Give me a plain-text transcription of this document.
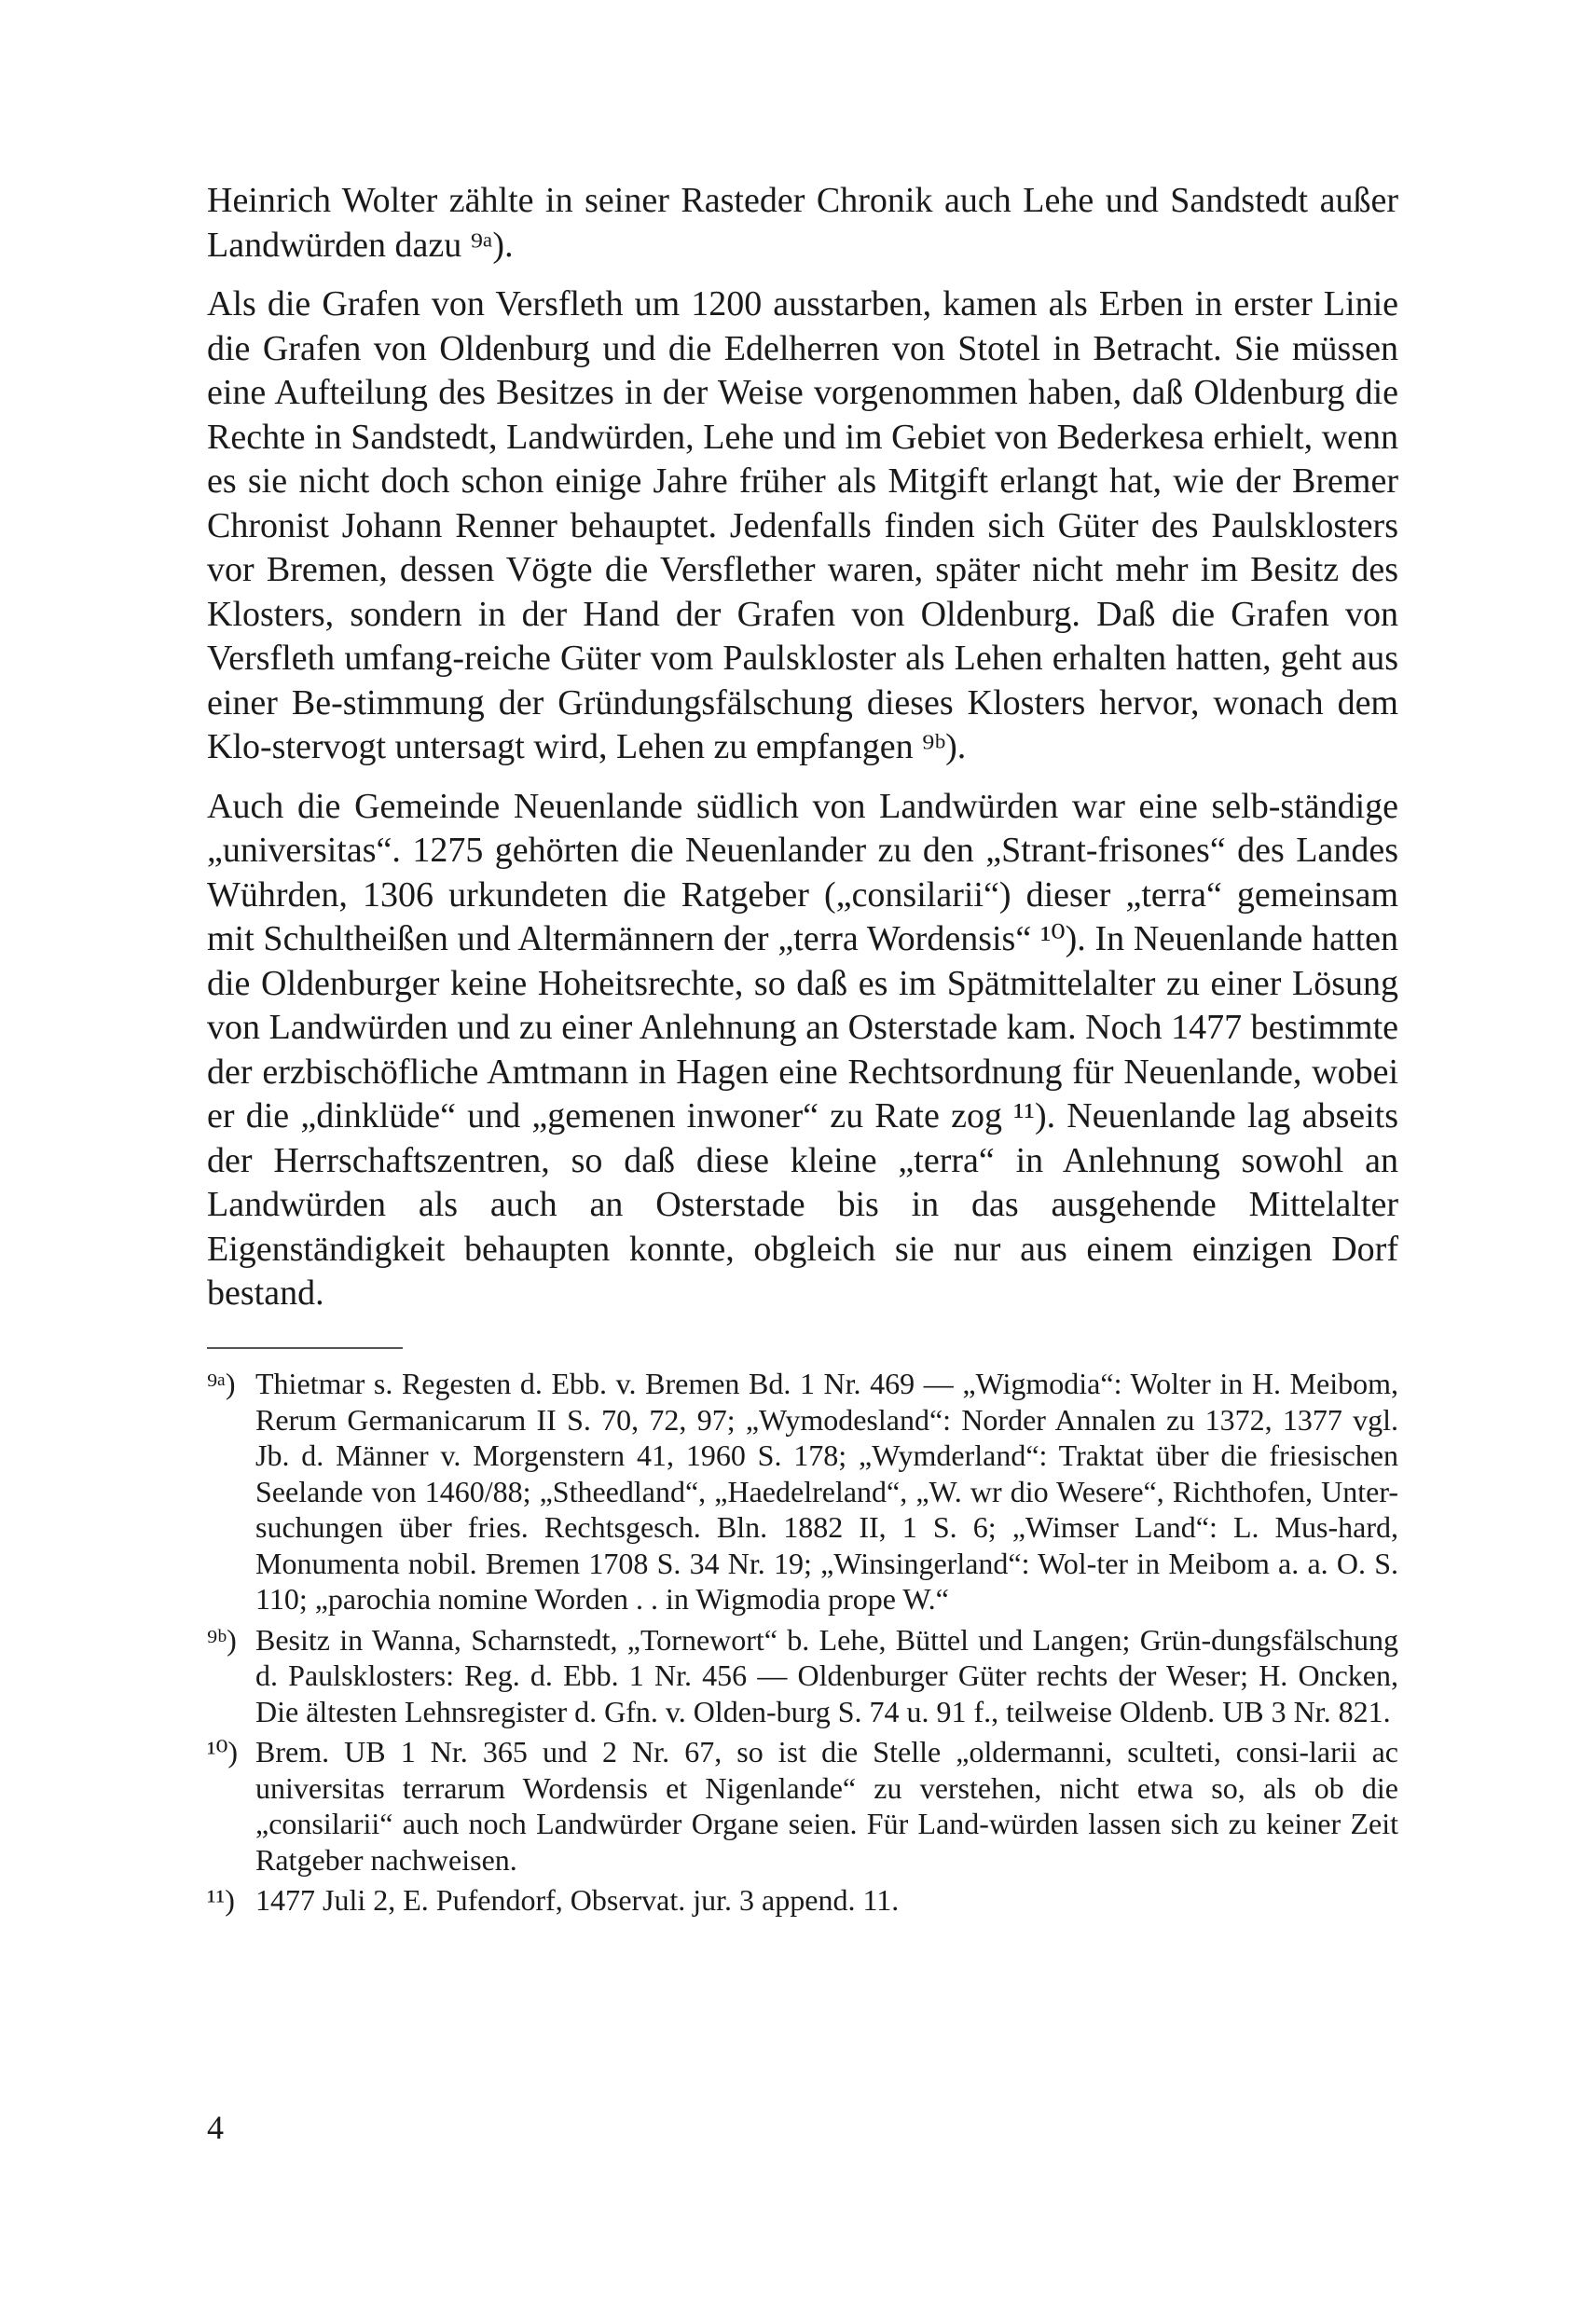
Heinrich Wolter zählte in seiner Rasteder Chronik auch Lehe und Sandstedt außer Landwürden dazu ⁹ᵃ).

Als die Grafen von Versfleth um 1200 ausstarben, kamen als Erben in erster Linie die Grafen von Oldenburg und die Edelherren von Stotel in Betracht. Sie müssen eine Aufteilung des Besitzes in der Weise vorgenommen haben, daß Oldenburg die Rechte in Sandstedt, Landwürden, Lehe und im Gebiet von Bederkesa erhielt, wenn es sie nicht doch schon einige Jahre früher als Mitgift erlangt hat, wie der Bremer Chronist Johann Renner behauptet. Jedenfalls finden sich Güter des Paulsklosters vor Bremen, dessen Vögte die Versflether waren, später nicht mehr im Besitz des Klosters, sondern in der Hand der Grafen von Oldenburg. Daß die Grafen von Versfleth umfang-reiche Güter vom Paulskloster als Lehen erhalten hatten, geht aus einer Be-stimmung der Gründungsfälschung dieses Klosters hervor, wonach dem Klo-stervogt untersagt wird, Lehen zu empfangen ⁹ᵇ).

Auch die Gemeinde Neuenlande südlich von Landwürden war eine selb-ständige „universitas“. 1275 gehörten die Neuenlander zu den „Strant-frisones“ des Landes Wührden, 1306 urkundeten die Ratgeber („consilarii“) dieser „terra“ gemeinsam mit Schultheißen und Altermännern der „terra Wordensis“ ¹⁰). In Neuenlande hatten die Oldenburger keine Hoheitsrechte, so daß es im Spätmittelalter zu einer Lösung von Landwürden und zu einer Anlehnung an Osterstade kam. Noch 1477 bestimmte der erzbischöfliche Amtmann in Hagen eine Rechtsordnung für Neuenlande, wobei er die „dinklüde“ und „gemenen inwoner“ zu Rate zog ¹¹). Neuenlande lag abseits der Herrschaftszentren, so daß diese kleine „terra“ in Anlehnung sowohl an Landwürden als auch an Osterstade bis in das ausgehende Mittelalter Eigenständigkeit behaupten konnte, obgleich sie nur aus einem einzigen Dorf bestand.

⁹ᵃ) Thietmar s. Regesten d. Ebb. v. Bremen Bd. 1 Nr. 469 — „Wigmodia“: Wolter in H. Meibom, Rerum Germanicarum II S. 70, 72, 97; „Wymodesland“: Norder Annalen zu 1372, 1377 vgl. Jb. d. Männer v. Morgenstern 41, 1960 S. 178; „Wymderland“: Traktat über die friesischen Seelande von 1460/88; „Stheedland“, „Haedelreland“, „W. wr dio Wesere“, Richthofen, Unter-suchungen über fries. Rechtsgesch. Bln. 1882 II, 1 S. 6; „Wimser Land“: L. Mus-hard, Monumenta nobil. Bremen 1708 S. 34 Nr. 19; „Winsingerland“: Wol-ter in Meibom a. a. O. S. 110; „parochia nomine Worden . . in Wigmodia prope W.“
⁹ᵇ) Besitz in Wanna, Scharnstedt, „Tornewort“ b. Lehe, Büttel und Langen; Grün-dungsfälschung d. Paulsklosters: Reg. d. Ebb. 1 Nr. 456 — Oldenburger Güter rechts der Weser; H. Oncken, Die ältesten Lehnsregister d. Gfn. v. Olden-burg S. 74 u. 91 f., teilweise Oldenb. UB 3 Nr. 821.
¹⁰) Brem. UB 1 Nr. 365 und 2 Nr. 67, so ist die Stelle „oldermanni, sculteti, consi-larii ac universitas terrarum Wordensis et Nigenlande“ zu verstehen, nicht etwa so, als ob die „consilarii“ auch noch Landwürder Organe seien. Für Land-würden lassen sich zu keiner Zeit Ratgeber nachweisen.
¹¹) 1477 Juli 2, E. Pufendorf, Observat. jur. 3 append. 11.
4
